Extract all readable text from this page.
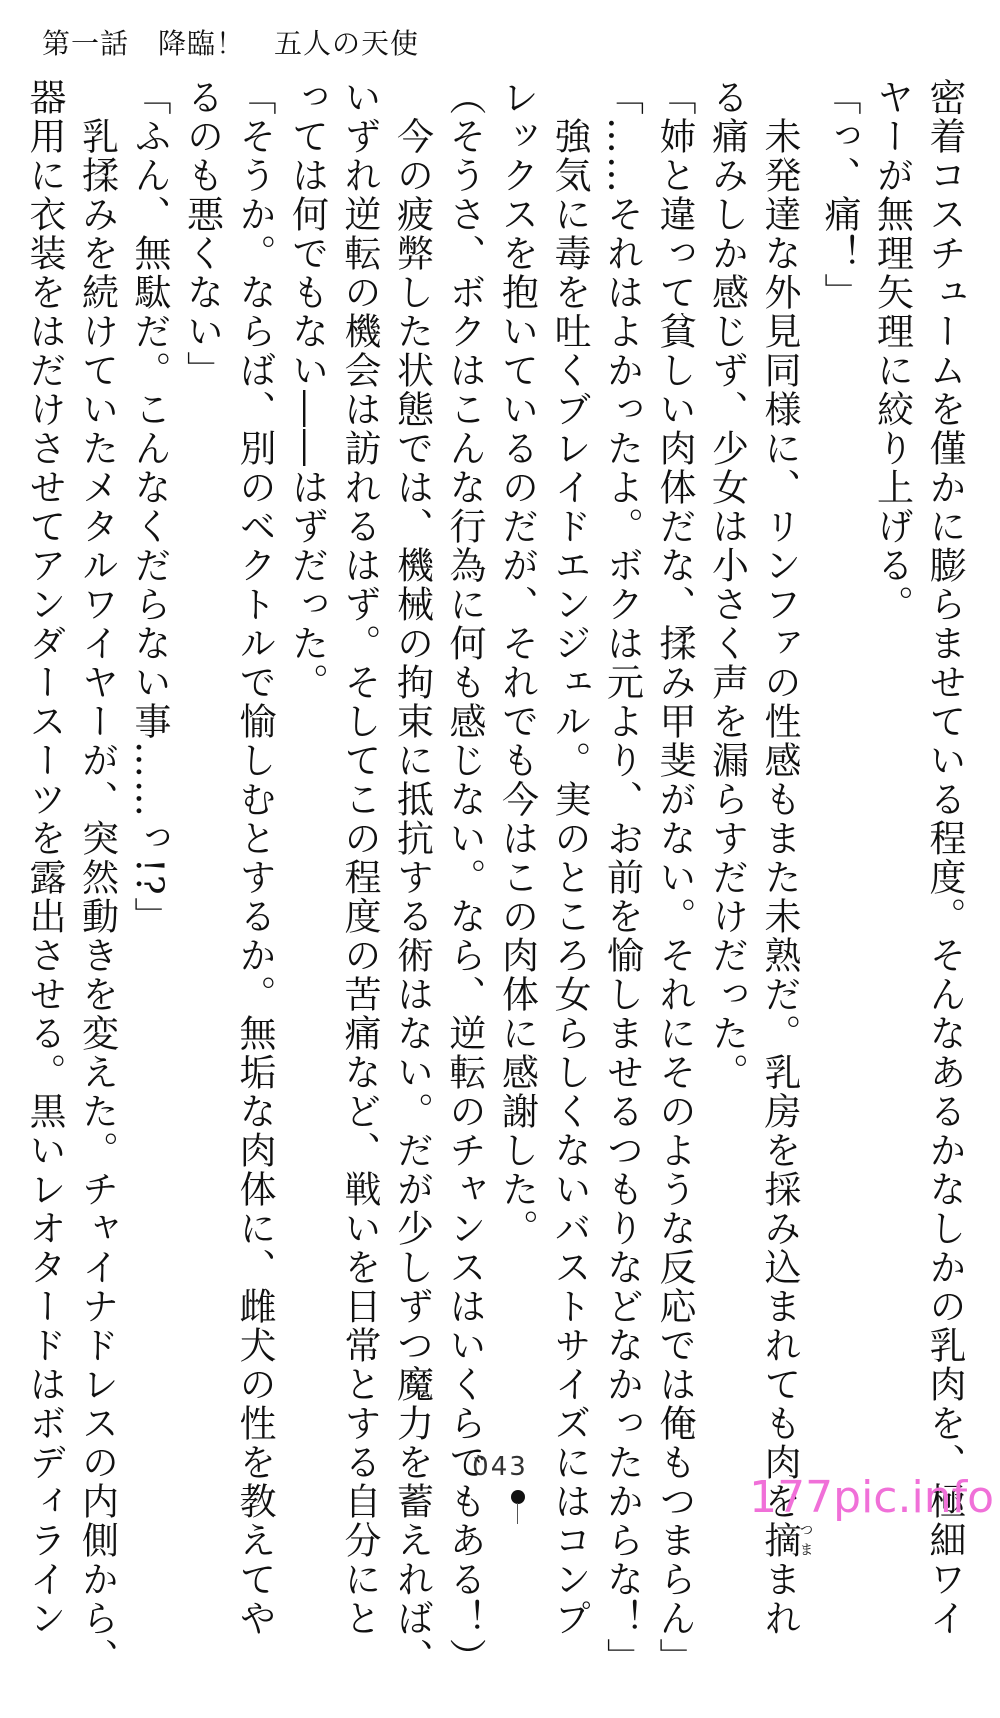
第一話　降臨！　五人の天使

密着コスチュームを僅かに膨らませている程度。そんなあるかなしかの乳肉を、極細ワイ

ヤーが無理矢理に絞り上げる。

「っ、痛！」

　未発達な外見同様に、リンファの性感もまた未熟だ。乳房を採み込まれても肉を摘つままれ

る痛みしか感じず、少女は小さく声を漏らすだけだった。

「姉と違って貧しい肉体だな、揉み甲斐がない。それにそのような反応では俺もつまらん」

「……それはよかったよ。ボクは元より、お前を愉しませるつもりなどなかったからな！」

　強気に毒を吐くブレイドエンジェル。実のところ女らしくないバストサイズにはコンプ

レックスを抱いているのだが、それでも今はこの肉体に感謝した。

（そうさ、ボクはこんな行為に何も感じない。なら、逆転のチャンスはいくらでもある！）

　今の疲弊した状態では、機械の拘束に抵抗する術はない。だが少しずつ魔力を蓄えれば、

いずれ逆転の機会は訪れるはず。そしてこの程度の苦痛など、戦いを日常とする自分にと

っては何でもない――はずだった。

「そうか。ならば、別のベクトルで愉しむとするか。無垢な肉体に、雌犬の性を教えてや

るのも悪くない」

「ふん、無駄だ。こんなくだらない事……っ!?」

　乳揉みを続けていたメタルワイヤーが、突然動きを変えた。チャイナドレスの内側から、

器用に衣装をはだけさせてアンダースーツを露出させる。黒いレオタードはボディライン	043
177pic.info
